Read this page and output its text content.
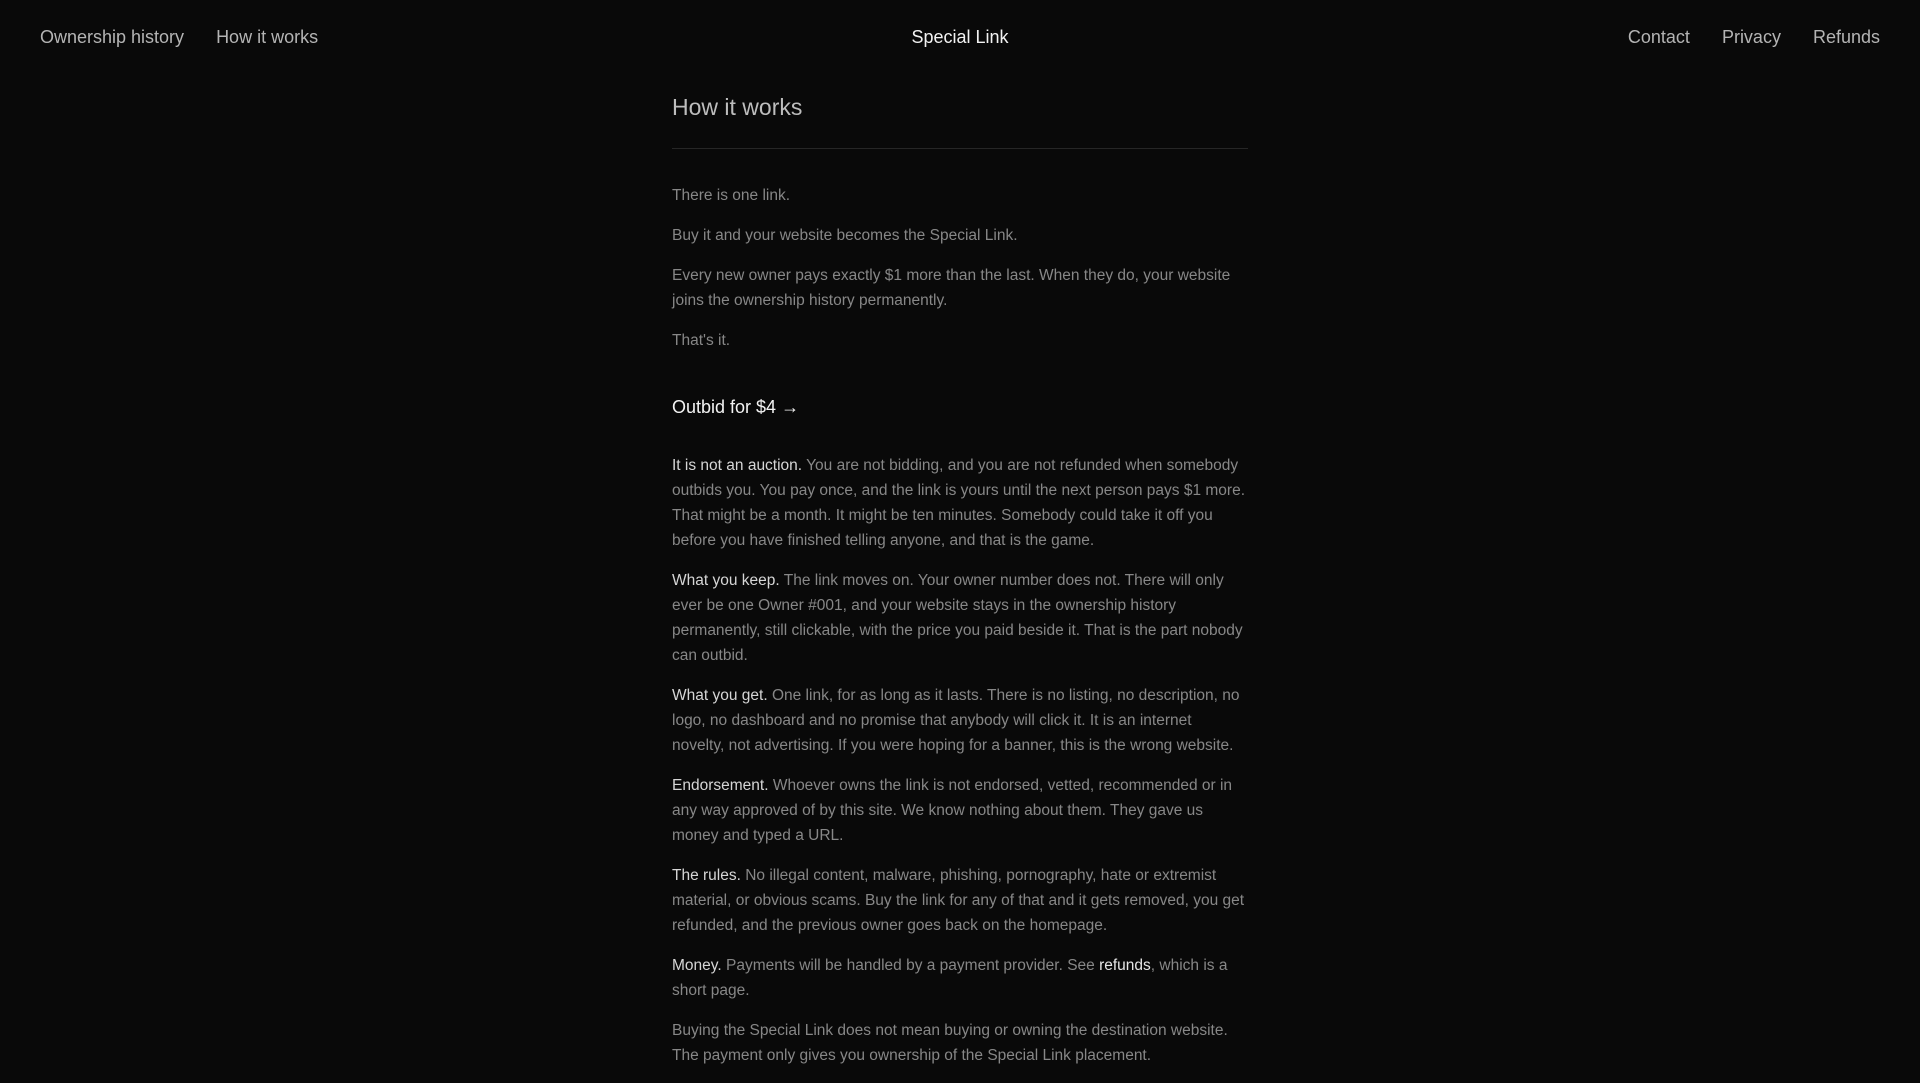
Ownership history How it works	Special Link	Contact Privacy Refunds
How it works

There is one link.

Buy it and your website becomes the Special Link.

Every new owner pays exactly $1 more than the last. When they do, your website joins the ownership history permanently.

That's it.

Outbid for $4 →

It is not an auction. You are not bidding, and you are not refunded when somebody outbids you. You pay once, and the link is yours until the next person pays $1 more. That might be a month. It might be ten minutes. Somebody could take it off you before you have finished telling anyone, and that is the game.

What you keep. The link moves on. Your owner number does not. There will only ever be one Owner #001, and your website stays in the ownership history permanently, still clickable, with the price you paid beside it. That is the part nobody can outbid.

What you get. One link, for as long as it lasts. There is no listing, no description, no logo, no dashboard and no promise that anybody will click it. It is an internet novelty, not advertising. If you were hoping for a banner, this is the wrong website.

Endorsement. Whoever owns the link is not endorsed, vetted, recommended or in any way approved of by this site. We know nothing about them. They gave us money and typed a URL.

The rules. No illegal content, malware, phishing, pornography, hate or extremist material, or obvious scams. Buy the link for any of that and it gets removed, you get refunded, and the previous owner goes back on the homepage.

Money. Payments will be handled by a payment provider. See refunds, which is a short page.

Buying the Special Link does not mean buying or owning the destination website. The payment only gives you ownership of the Special Link placement.
